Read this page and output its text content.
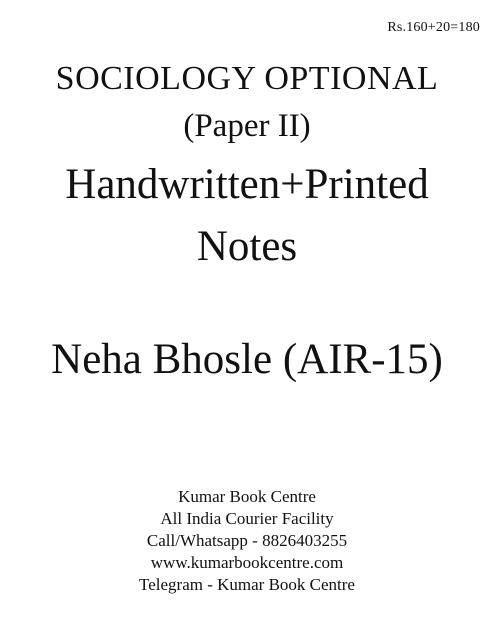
Rs.160+20=180
SOCIOLOGY OPTIONAL
(Paper II)
Handwritten+Printed
Notes
Neha Bhosle (AIR-15)
Kumar Book Centre
All India Courier Facility
Call/Whatsapp - 8826403255
www.kumarbookcentre.com
Telegram - Kumar Book Centre
